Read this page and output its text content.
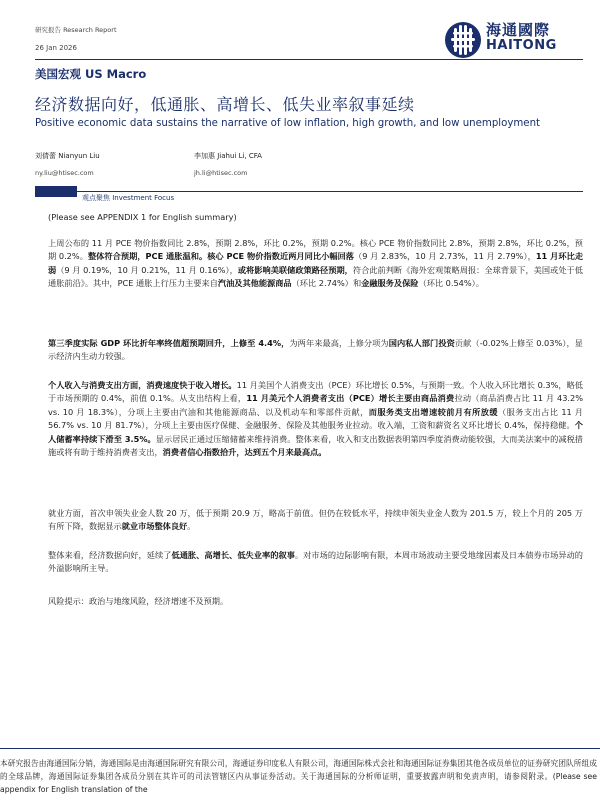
研究报告 Research Report
26 Jan 2026
海通國際
HAITONG
美国宏观 US Macro
经济数据向好，低通胀、高增长、低失业率叙事延续
Positive economic data sustains the narrative of low inflation, high growth, and low unemployment
刘倩蕾 Nianyun Liu
ny.liu@htisec.com
李加惠 Jiahui Li, CFA
jh.li@htisec.com
观点聚焦 Investment Focus
(Please see APPENDIX 1 for English summary)
上周公布的 11 月 PCE 物价指数同比 2.8%，预期 2.8%，环比 0.2%，预期 0.2%。核心 PCE 物价指数同比 2.8%，预期 2.8%，环比 0.2%，预期 0.2%。整体符合预期，PCE 通胀温和。核心 PCE 物价指数近两月同比小幅回落（9 月 2.83%，10 月 2.73%，11 月 2.79%），11 月环比走弱（9 月 0.19%，10 月 0.21%，11 月 0.16%），或将影响美联储政策路径预期，符合此前判断《海外宏观策略周报：全球背景下，美国或处于低通胀前沿》。其中，PCE 通胀上行压力主要来自汽油及其他能源商品（环比 2.74%）和金融服务及保险（环比 0.54%）。
第三季度实际 GDP 环比折年率终值超预期回升，上修至 4.4%，为两年来最高，上修分项为国内私人部门投资贡献（-0.02%上修至 0.03%），显示经济内生动力较强。
个人收入与消费支出方面，消费速度快于收入增长。11 月美国个人消费支出（PCE）环比增长 0.5%，与预期一致。个人收入环比增长 0.3%，略低于市场预期的 0.4%，前值 0.1%。从支出结构上看，11 月美元个人消费者支出（PCE）增长主要由商品消费拉动（商品消费占比 11 月 43.2% vs. 10 月 18.3%），分项上主要由汽油和其他能源商品、以及机动车和零部件贡献，而服务类支出增速较前月有所放缓（服务支出占比 11 月 56.7% vs. 10 月 81.7%），分项上主要由医疗保健、金融服务、保险及其他服务业拉动。收入端，工资和薪资名义环比增长 0.4%，保持稳健。个人储蓄率持续下滑至 3.5%。显示居民正通过压缩储蓄来维持消费。整体来看，收入和支出数据表明第四季度消费动能较强，大而美法案中的减税措施或将有助于维持消费者支出，消费者信心指数拾升，达到五个月来最高点。
就业方面，首次申领失业金人数 20 万，低于预期 20.9 万，略高于前值。但仍在较低水平，持续申领失业金人数为 201.5 万，较上个月的 205 万有所下降，数据显示就业市场整体良好。
整体来看，经济数据向好，延续了低通胀、高增长、低失业率的叙事。对市场的边际影响有限，本周市场波动主要受地缘因素及日本债券市场异动的外溢影响所主导。
风险提示：政治与地缘风险，经济增速不及预期。
本研究报告由海通国际分销，海通国际是由海通国际研究有限公司，海通证券印度私人有限公司，海通国际株式会社和海通国际证券集团其他各成员单位的证券研究团队所组成的全球品牌，海通国际证券集团各成员分别在其许可的司法管辖区内从事证券活动。关于海通国际的分析师证明，重要披露声明和免责声明，请参阅附录。(Please see appendix for English translation of the
